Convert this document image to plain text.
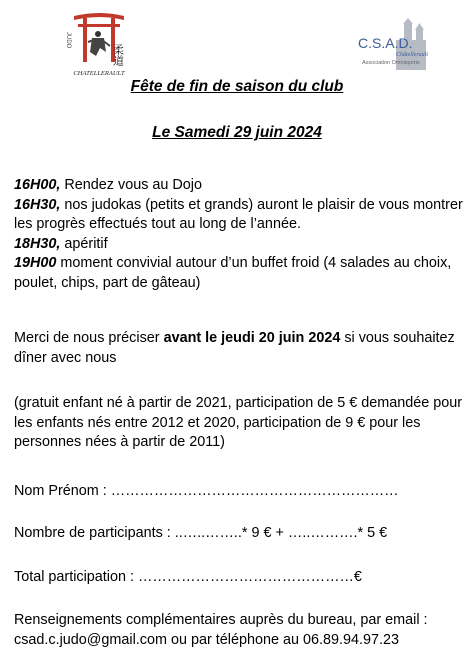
JUDO
柔道
CHATELLERAULT
C.S.A.D.
Châtellerault
Association Omnisports
Fête de fin de saison du club
Le Samedi 29 juin 2024
16H00, Rendez vous au Dojo
16H30, nos judokas (petits et grands) auront le plaisir de vous montrer les progrès effectués tout au long de l’année.
18H30, apéritif
19H00 moment convivial autour d’un buffet froid (4 salades au choix, poulet, chips, part de gâteau)
Merci de nous préciser avant le jeudi 20 juin 2024 si vous souhaitez dîner avec nous
(gratuit enfant né à partir de 2021, participation de 5 € demandée pour les enfants nés entre 2012 et 2020, participation de 9 € pour les personnes nées à partir de 2011)
Nom Prénom : ……………………………………………………
Nombre de participants : ..…..……..* 9 € + …..……….* 5 €
Total participation : ………………………………………€
Renseignements complémentaires auprès du bureau, par email : csad.c.judo@gmail.com ou par téléphone au 06.89.94.97.23
